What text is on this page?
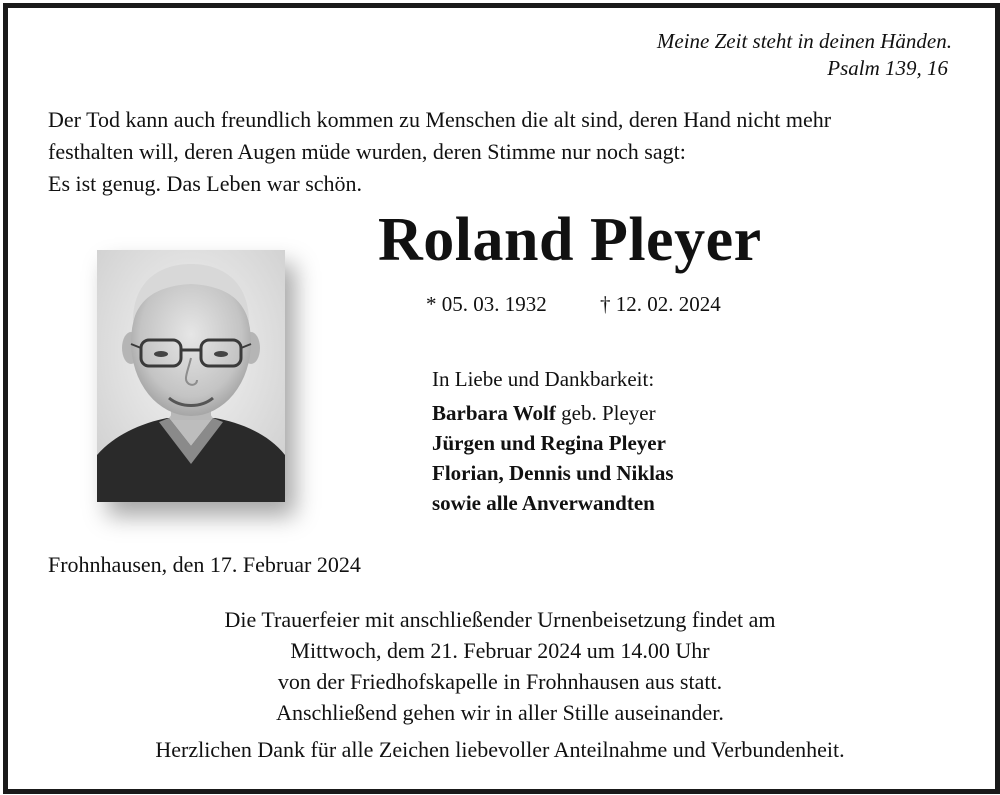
Meine Zeit steht in deinen Händen.
Psalm 139, 16
Der Tod kann auch freundlich kommen zu Menschen die alt sind, deren Hand nicht mehr
festhalten will, deren Augen müde wurden, deren Stimme nur noch sagt:
Es ist genug. Das Leben war schön.
Roland Pleyer
* 05. 03. 1932	† 12. 02. 2024
In Liebe und Dankbarkeit:
Barbara Wolf geb. Pleyer
Jürgen und Regina Pleyer
Florian, Dennis und Niklas
sowie alle Anverwandten
Frohnhausen, den 17. Februar 2024
Die Trauerfeier mit anschließender Urnenbeisetzung findet am
Mittwoch, dem 21. Februar 2024 um 14.00 Uhr
von der Friedhofskapelle in Frohnhausen aus statt.
Anschließend gehen wir in aller Stille auseinander.
Herzlichen Dank für alle Zeichen liebevoller Anteilnahme und Verbundenheit.
